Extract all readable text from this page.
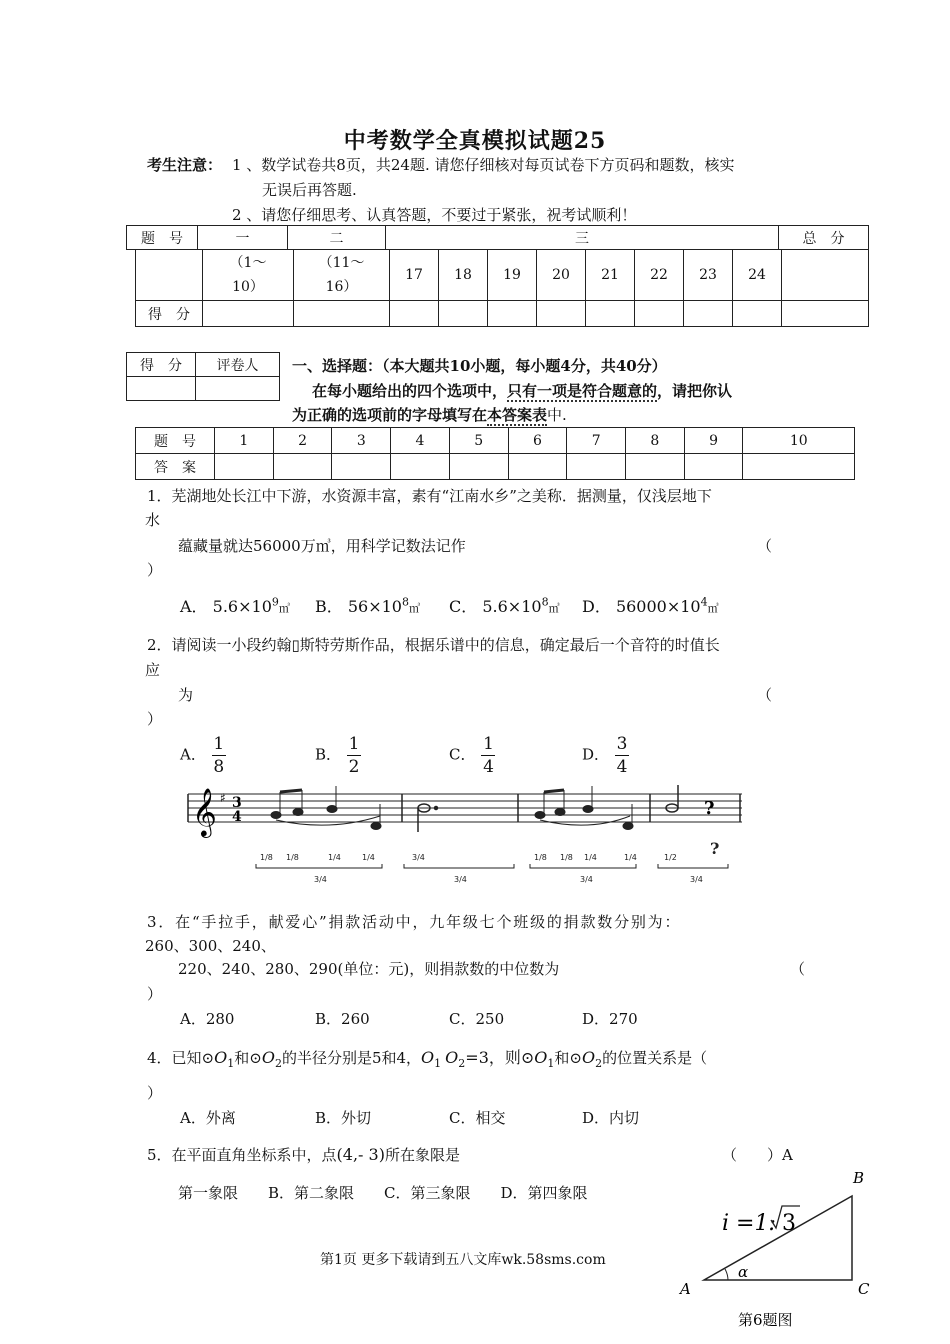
中考数学全真模拟试题25
考生注意： 1 、数学试卷共8页，共24题. 请您仔细核对每页试卷下方页码和题数，核实
无误后再答题.
2 、请您仔细思考、认真答题，不要过于紧张，祝考试顺利！
题　号	一	二	三	总　分
	（1～
10）	（11～
16）	17	18	19	20	21	22	23	24	
得　分											
得　分	评卷人
	一、选择题：（本大题共10小题，每小题4分，共40分）
在每小题给出的四个选项中，只有一项是符合题意的，请把你认
为正确的选项前的字母填写在本答案表中.
题　号	1	2	3	4	5	6	7	8	9	10
答　案										
1．芜湖地处长江中下游，水资源丰富，素有“江南水乡”之美称．据测量，仅浅层地下
水
蕴藏量就达56000万㎥，用科学记数法记作	（
）
A． $5.6\times 10^9㎥$ B． $56\times 10^8㎥$ C． $5.6\times 10^8㎥$ D． $56000\times 10^4㎥$
2．请阅读一小段约翰▯斯特劳斯作品，根据乐谱中的信息，确定最后一个音符的时值长
应
为	（
）
A． $\frac{1}{8}$	B． $\frac{1}{2}$	C． $\frac{1}{4}$	D． $\frac{3}{4}$
𝄞 ♯ 3
4	?
1/8 1/8	1/4	1/4	3/4	1/8 1/8 1/4	1/4	1/2 ?
3/4	3/4	3/4	3/4
3．在“手拉手，献爱心”捐款活动中，九年级七个班级的捐款数分别为：
260、300、240、
220、240、280、290(单位：元)，则捐款数的中位数为	（
）
A．280	B．260	C．250	D．270
4．已知$⊙O_1$和$⊙O_2$的半径分别是5和4，$O_1$ $O_2=3$，则$⊙O_1$和$⊙O_2$的位置关系是（
）
A．外离	B．外切	C．相交	D．内切
5．在平面直角坐标系中，点(4,- 3)所在象限是	（　　）A
第一象限　　B．第二象限　　C．第三象限　　D．第四象限
B
A	C
α
i =1: 3
第6题图
第1页 更多下载请到五八文库wk.58sms.com
